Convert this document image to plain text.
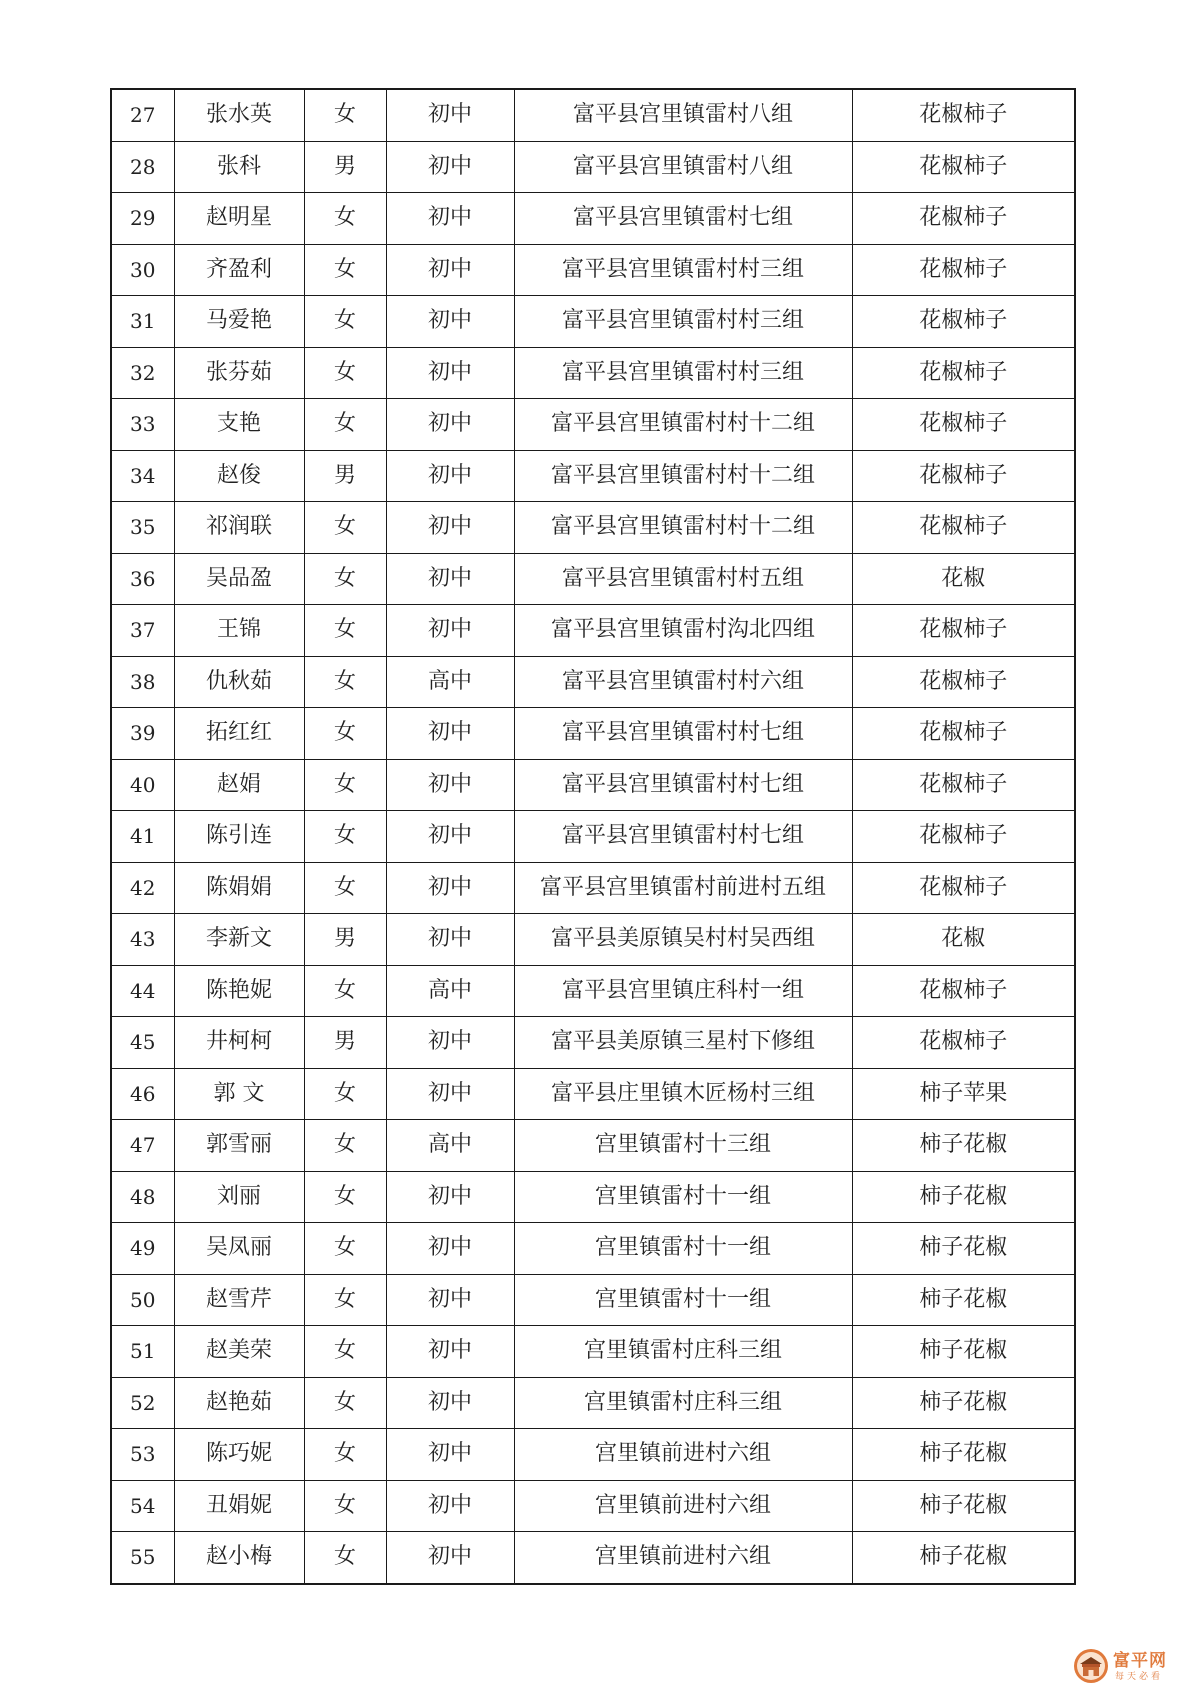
27	张水英	女	初中	富平县宫里镇雷村八组	花椒柿子
28	张科	男	初中	富平县宫里镇雷村八组	花椒柿子
29	赵明星	女	初中	富平县宫里镇雷村七组	花椒柿子
30	齐盈利	女	初中	富平县宫里镇雷村村三组	花椒柿子
31	马爱艳	女	初中	富平县宫里镇雷村村三组	花椒柿子
32	张芬茹	女	初中	富平县宫里镇雷村村三组	花椒柿子
33	支艳	女	初中	富平县宫里镇雷村村十二组	花椒柿子
34	赵俊	男	初中	富平县宫里镇雷村村十二组	花椒柿子
35	祁润联	女	初中	富平县宫里镇雷村村十二组	花椒柿子
36	吴品盈	女	初中	富平县宫里镇雷村村五组	花椒
37	王锦	女	初中	富平县宫里镇雷村沟北四组	花椒柿子
38	仇秋茹	女	高中	富平县宫里镇雷村村六组	花椒柿子
39	拓红红	女	初中	富平县宫里镇雷村村七组	花椒柿子
40	赵娟	女	初中	富平县宫里镇雷村村七组	花椒柿子
41	陈引连	女	初中	富平县宫里镇雷村村七组	花椒柿子
42	陈娟娟	女	初中	富平县宫里镇雷村前进村五组	花椒柿子
43	李新文	男	初中	富平县美原镇吴村村吴西组	花椒
44	陈艳妮	女	高中	富平县宫里镇庄科村一组	花椒柿子
45	井柯柯	男	初中	富平县美原镇三星村下修组	花椒柿子
46	郭 文	女	初中	富平县庄里镇木匠杨村三组	柿子苹果
47	郭雪丽	女	高中	宫里镇雷村十三组	柿子花椒
48	刘丽	女	初中	宫里镇雷村十一组	柿子花椒
49	吴凤丽	女	初中	宫里镇雷村十一组	柿子花椒
50	赵雪芹	女	初中	宫里镇雷村十一组	柿子花椒
51	赵美荣	女	初中	宫里镇雷村庄科三组	柿子花椒
52	赵艳茹	女	初中	宫里镇雷村庄科三组	柿子花椒
53	陈巧妮	女	初中	宫里镇前进村六组	柿子花椒
54	丑娟妮	女	初中	宫里镇前进村六组	柿子花椒
55	赵小梅	女	初中	宫里镇前进村六组	柿子花椒
富平网
每天必看
